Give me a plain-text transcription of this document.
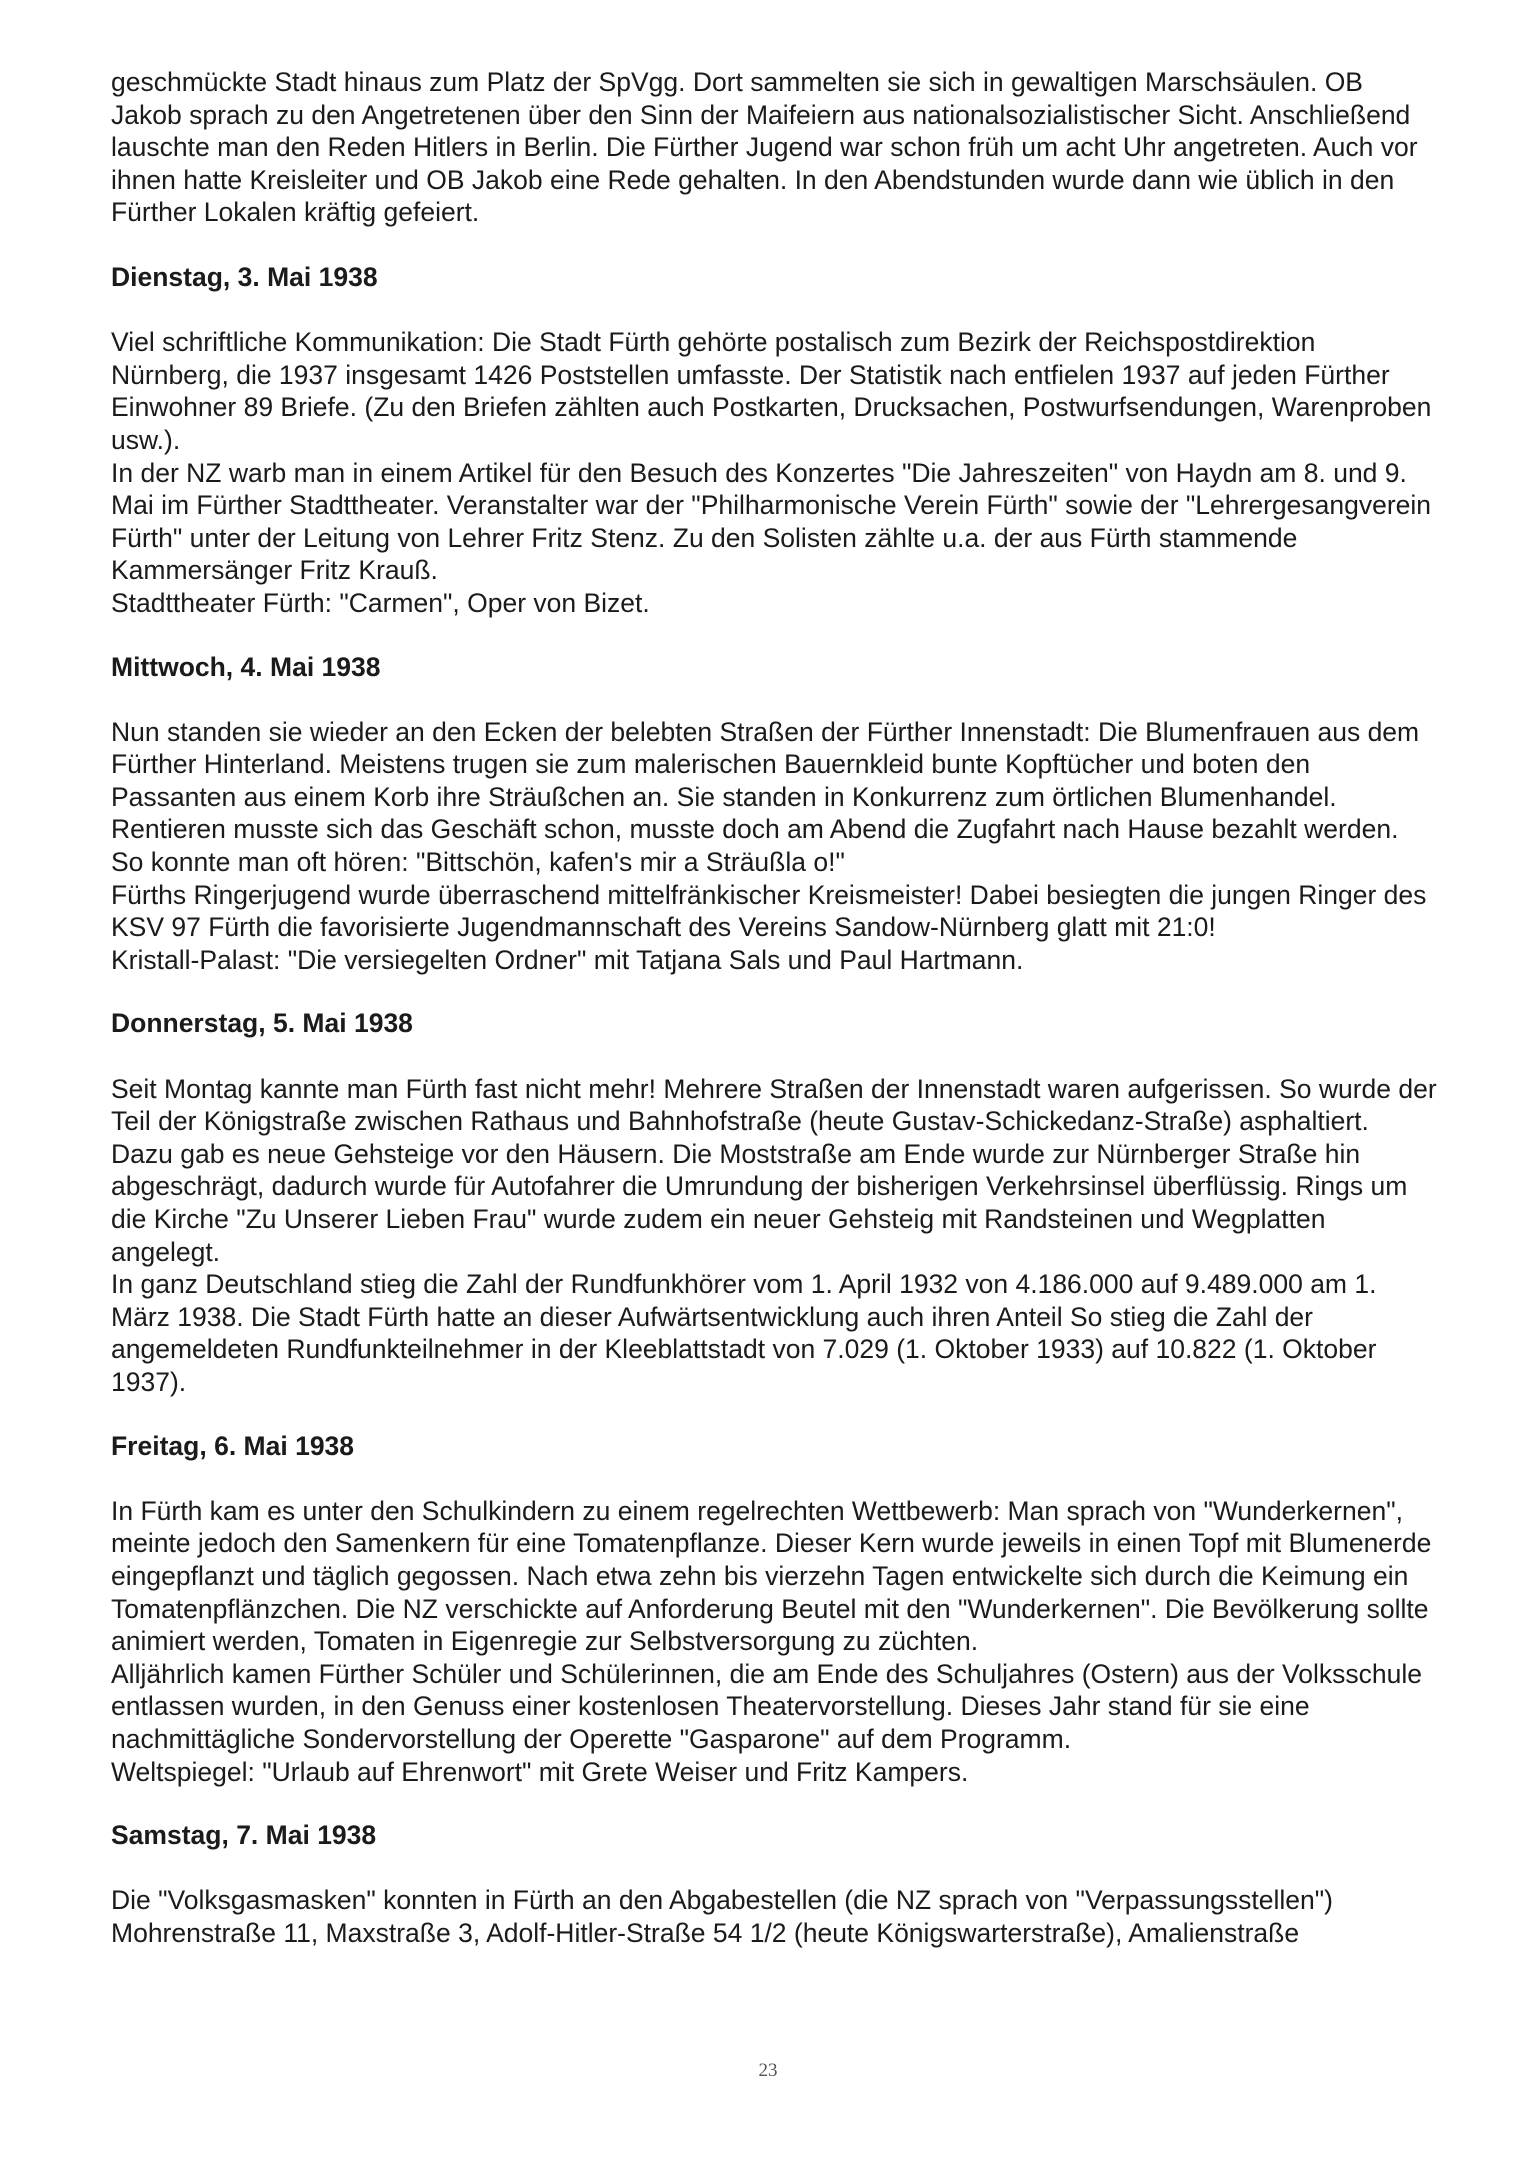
geschmückte Stadt hinaus zum Platz der SpVgg. Dort sammelten sie sich in gewaltigen Marschsäulen. OB Jakob sprach zu den Angetretenen über den Sinn der Maifeiern aus nationalsozialistischer Sicht. Anschließend lauschte man den Reden Hitlers in Berlin. Die Fürther Jugend war schon früh um acht Uhr angetreten. Auch vor ihnen hatte Kreisleiter und OB Jakob eine Rede gehalten. In den Abendstunden wurde dann wie üblich in den Fürther Lokalen kräftig gefeiert.

Dienstag, 3. Mai 1938

Viel schriftliche Kommunikation: Die Stadt Fürth gehörte postalisch zum Bezirk der Reichspostdirektion Nürnberg, die 1937 insgesamt 1426 Poststellen umfasste. Der Statistik nach entfielen 1937 auf jeden Fürther Einwohner 89 Briefe. (Zu den Briefen zählten auch Postkarten, Drucksachen, Postwurfsendungen, Warenproben usw.).

In der NZ warb man in einem Artikel für den Besuch des Konzertes "Die Jahreszeiten" von Haydn am 8. und 9. Mai im Fürther Stadttheater. Veranstalter war der "Philharmonische Verein Fürth" sowie der "Lehrergesangverein Fürth" unter der Leitung von Lehrer Fritz Stenz. Zu den Solisten zählte u.a. der aus Fürth stammende Kammersänger Fritz Krauß.

Stadttheater Fürth: "Carmen", Oper von Bizet.

Mittwoch, 4. Mai 1938

Nun standen sie wieder an den Ecken der belebten Straßen der Fürther Innenstadt: Die Blumenfrauen aus dem Fürther Hinterland. Meistens trugen sie zum malerischen Bauernkleid bunte Kopftücher und boten den Passanten aus einem Korb ihre Sträußchen an. Sie standen in Konkurrenz zum örtlichen Blumenhandel. Rentieren musste sich das Geschäft schon, musste doch am Abend die Zugfahrt nach Hause bezahlt werden. So konnte man oft hören: "Bittschön, kafen's mir a Sträußla o!"

Fürths Ringerjugend wurde überraschend mittelfränkischer Kreismeister! Dabei besiegten die jungen Ringer des KSV 97 Fürth die favorisierte Jugendmannschaft des Vereins Sandow-Nürnberg glatt mit 21:0!

Kristall-Palast: "Die versiegelten Ordner" mit Tatjana Sals und Paul Hartmann.

Donnerstag, 5. Mai 1938

Seit Montag kannte man Fürth fast nicht mehr! Mehrere Straßen der Innenstadt waren aufgerissen. So wurde der Teil der Königstraße zwischen Rathaus und Bahnhofstraße (heute Gustav-Schickedanz-Straße) asphaltiert. Dazu gab es neue Gehsteige vor den Häusern. Die Moststraße am Ende wurde zur Nürnberger Straße hin abgeschrägt, dadurch wurde für Autofahrer die Umrundung der bisherigen Verkehrsinsel überflüssig. Rings um die Kirche "Zu Unserer Lieben Frau" wurde zudem ein neuer Gehsteig mit Randsteinen und Wegplatten angelegt.

In ganz Deutschland stieg die Zahl der Rundfunkhörer vom 1. April 1932 von 4.186.000 auf 9.489.000 am 1. März 1938. Die Stadt Fürth hatte an dieser Aufwärtsentwicklung auch ihren Anteil So stieg die Zahl der angemeldeten Rundfunkteilnehmer in der Kleeblattstadt von 7.029 (1. Oktober 1933) auf 10.822 (1. Oktober 1937).

Freitag, 6. Mai 1938

In Fürth kam es unter den Schulkindern zu einem regelrechten Wettbewerb: Man sprach von "Wunderkernen", meinte jedoch den Samenkern für eine Tomatenpflanze. Dieser Kern wurde jeweils in einen Topf mit Blumenerde eingepflanzt und täglich gegossen. Nach etwa zehn bis vierzehn Tagen entwickelte sich durch die Keimung ein Tomatenpflänzchen. Die NZ verschickte auf Anforderung Beutel mit den "Wunderkernen". Die Bevölkerung sollte animiert werden, Tomaten in Eigenregie zur Selbstversorgung zu züchten.

Alljährlich kamen Fürther Schüler und Schülerinnen, die am Ende des Schuljahres (Ostern) aus der Volksschule entlassen wurden, in den Genuss einer kostenlosen Theatervorstellung. Dieses Jahr stand für sie eine nachmittägliche Sondervorstellung der Operette "Gasparone" auf dem Programm.

Weltspiegel: "Urlaub auf Ehrenwort" mit Grete Weiser und Fritz Kampers.

Samstag, 7. Mai 1938

Die "Volksgasmasken" konnten in Fürth an den Abgabestellen (die NZ sprach von "Verpassungsstellen") Mohrenstraße 11, Maxstraße 3, Adolf-Hitler-Straße 54 1/2 (heute Königswarterstraße), Amalienstraße

23
